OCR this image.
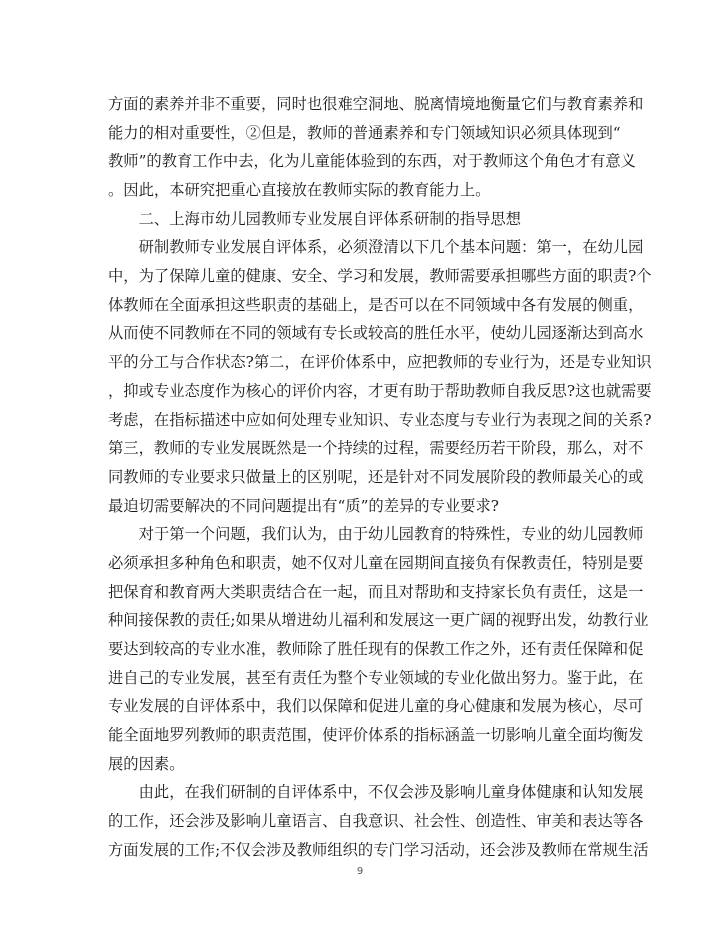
方面的素养并非不重要，同时也很难空洞地、脱离情境地衡量它们与教育素养和
能力的相对重要性，②但是，教师的普通素养和专门领域知识必须具体现到“
教师”的教育工作中去，化为儿童能体验到的东西，对于教师这个角色才有意义
。因此，本研究把重心直接放在教师实际的教育能力上。
　　二、上海市幼儿园教师专业发展自评体系研制的指导思想
　　研制教师专业发展自评体系，必须澄清以下几个基本问题：第一，在幼儿园
中，为了保障儿童的健康、安全、学习和发展，教师需要承担哪些方面的职责?个
体教师在全面承担这些职责的基础上，是否可以在不同领域中各有发展的侧重，
从而使不同教师在不同的领域有专长或较高的胜任水平，使幼儿园逐渐达到高水
平的分工与合作状态?第二，在评价体系中，应把教师的专业行为，还是专业知识
，抑或专业态度作为核心的评价内容，才更有助于帮助教师自我反思?这也就需要
考虑，在指标描述中应如何处理专业知识、专业态度与专业行为表现之间的关系?
第三，教师的专业发展既然是一个持续的过程，需要经历若干阶段，那么，对不
同教师的专业要求只做量上的区别呢，还是针对不同发展阶段的教师最关心的或
最迫切需要解决的不同问题提出有“质”的差异的专业要求?
　　对于第一个问题，我们认为，由于幼儿园教育的特殊性，专业的幼儿园教师
必须承担多种角色和职责，她不仅对儿童在园期间直接负有保教责任，特别是要
把保育和教育两大类职责结合在一起，而且对帮助和支持家长负有责任，这是一
种间接保教的责任;如果从增进幼儿福利和发展这一更广阔的视野出发，幼教行业
要达到较高的专业水准，教师除了胜任现有的保教工作之外，还有责任保障和促
进自己的专业发展，甚至有责任为整个专业领域的专业化做出努力。鉴于此，在
专业发展的自评体系中，我们以保障和促进儿童的身心健康和发展为核心，尽可
能全面地罗列教师的职责范围，使评价体系的指标涵盖一切影响儿童全面均衡发
展的因素。
　　由此，在我们研制的自评体系中，不仅会涉及影响儿童身体健康和认知发展
的工作，还会涉及影响儿童语言、自我意识、社会性、创造性、审美和表达等各
方面发展的工作;不仅会涉及教师组织的专门学习活动，还会涉及教师在常规生活
9
